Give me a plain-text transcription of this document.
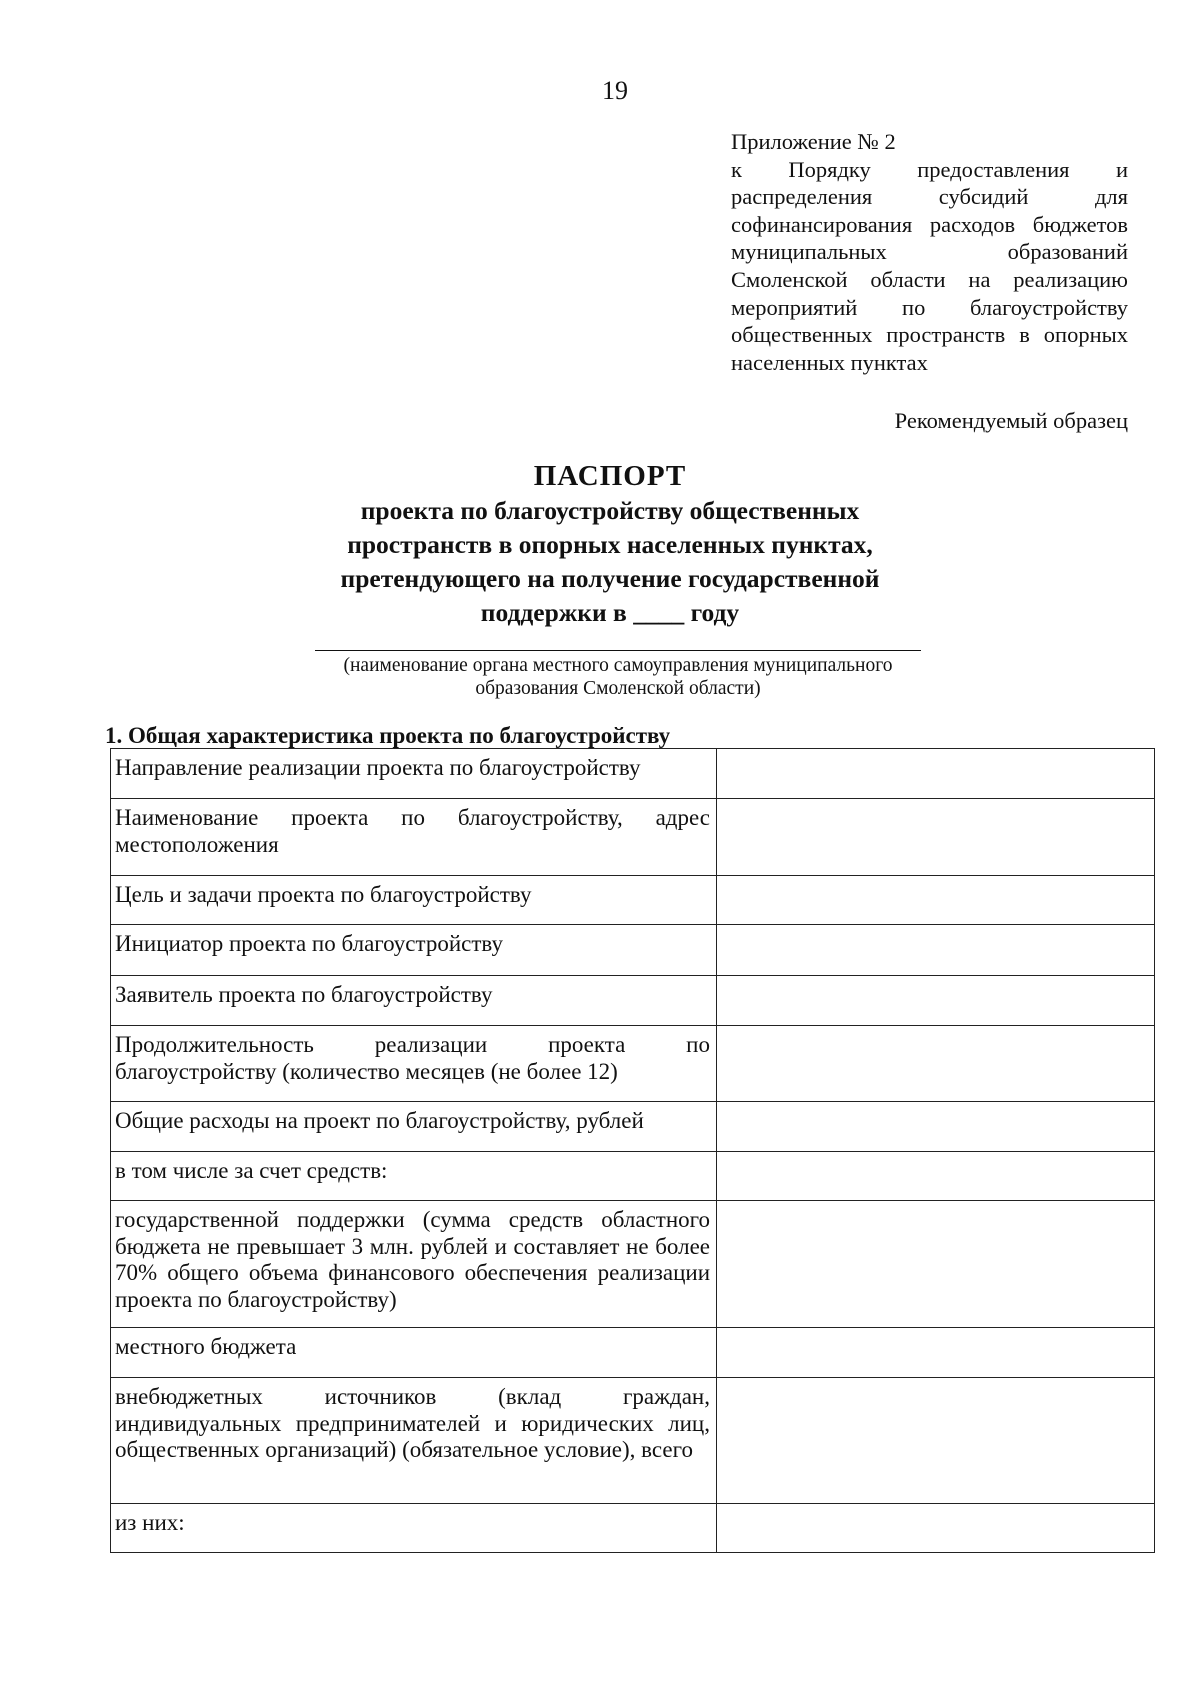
19
Приложение № 2
к Порядку предоставления и распределения субсидий для софинансирования расходов бюджетов муниципальных образований Смоленской области на реализацию мероприятий по благоустройству общественных пространств в опорных населенных пунктах
Рекомендуемый образец
ПАСПОРТ
проекта по благоустройству общественных
пространств в опорных населенных пунктах,
претендующего на получение государственной
поддержки в ____ году
(наименование органа местного самоуправления муниципального
образования Смоленской области)
1. Общая характеристика проекта по благоустройству
Направление реализации проекта по благоустройству	
Наименование проекта по благоустройству, адрес местоположения	
Цель и задачи проекта по благоустройству	
Инициатор проекта по благоустройству	
Заявитель проекта по благоустройству	
Продолжительность реализации проекта по благоустройству (количество месяцев (не более 12)	
Общие расходы на проект по благоустройству, рублей	
в том числе за счет средств:	
государственной поддержки (сумма средств областного бюджета не превышает 3 млн. рублей и составляет не более 70% общего объема финансового обеспечения реализации проекта по благоустройству)	
местного бюджета	
внебюджетных источников (вклад граждан, индивидуальных предпринимателей и юридических лиц, общественных организаций) (обязательное условие), всего	
из них:	
